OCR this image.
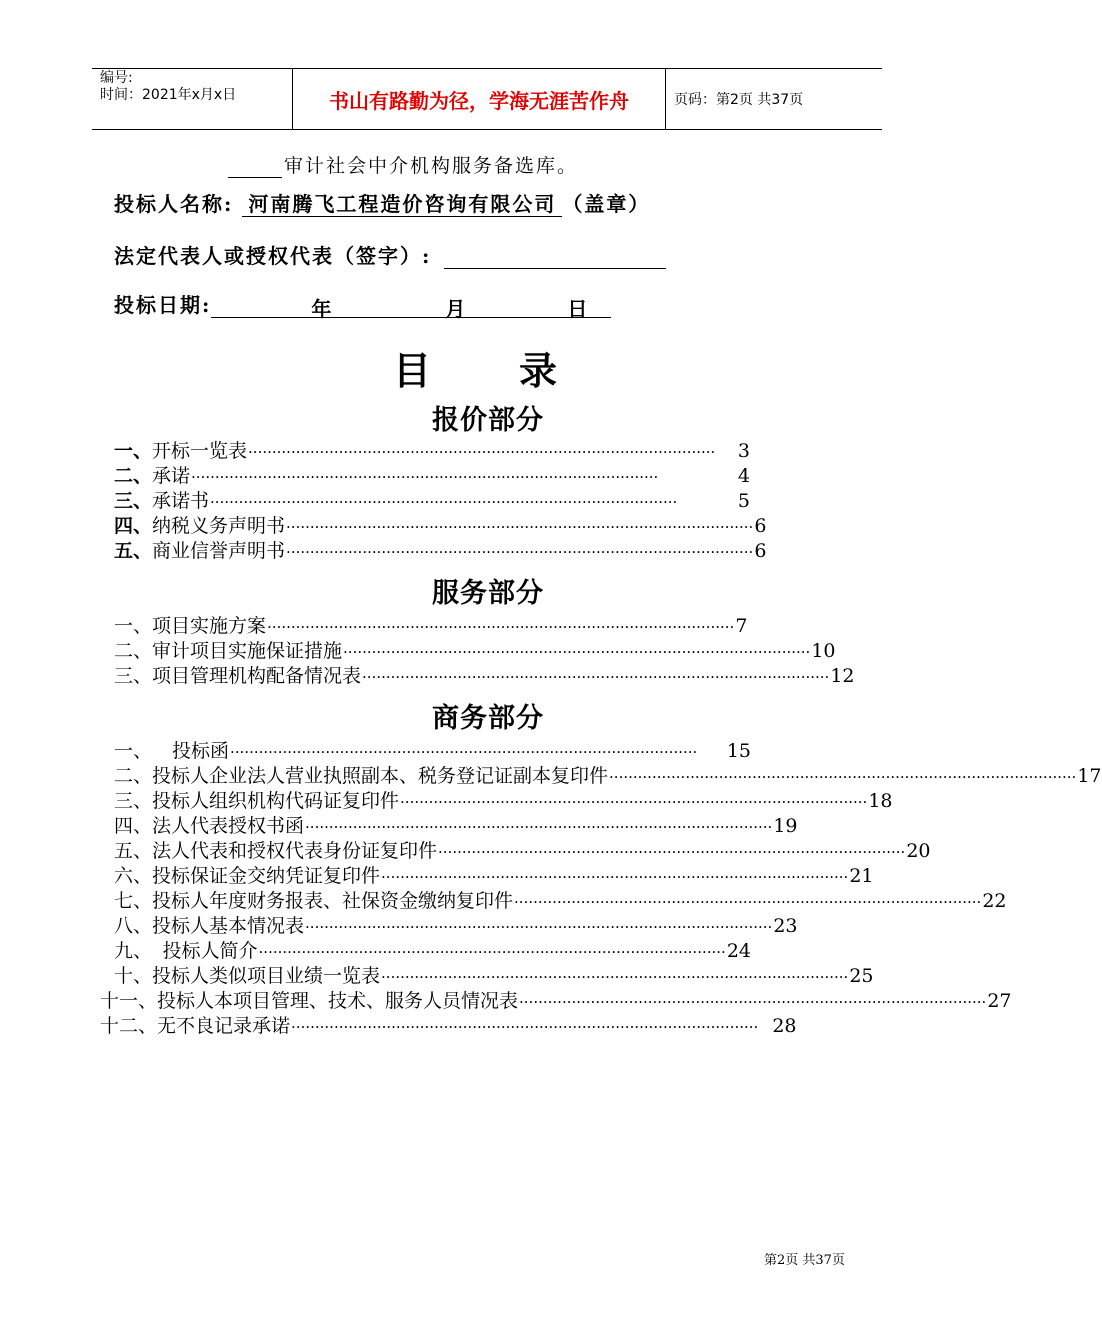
编号:
时间：2021年x月x日	书山有路勤为径，学海无涯苦作舟	页码：第2页 共37页
审计社会中介机构服务备选库。
投标人名称: 河南腾飞工程造价咨询有限公司 （盖章）
法定代表人或授权代表（签字）:
投标日期:	年	月	日
目录
报价部分
服务部分
商务部分
一、 开标一览表 ··································································································	3
二、 承诺 ··································································································	4
三、 承诺书 ··································································································	5
四、 纳税义务声明书 ·································································································· 6
五、 商业信誉声明书 ·································································································· 6
一、 项目实施方案 ·································································································· 7
二、 审计项目实施保证措施 ·································································································· 10
三、 项目管理机构配备情况表 ·································································································· 12
一、	投标函 ··································································································	15
二、 投标人企业法人营业执照副本、税务登记证副本复印件 ·································································································· 17
三、 投标人组织机构代码证复印件 ·································································································· 18
四、 法人代表授权书函 ·································································································· 19
五、 法人代表和授权代表身份证复印件 ·································································································· 20
六、 投标保证金交纳凭证复印件 ·································································································· 21
七、 投标人年度财务报表、社保资金缴纳复印件 ·································································································· 22
八、 投标人基本情况表 ·································································································· 23
九、 投标人简介 ·································································································· 24
十、 投标人类似项目业绩一览表 ·································································································· 25
十一、 投标人本项目管理、技术、服务人员情况表 ·································································································· 27
十二、 无不良记录承诺 ·································································································· 28
第2页 共37页
